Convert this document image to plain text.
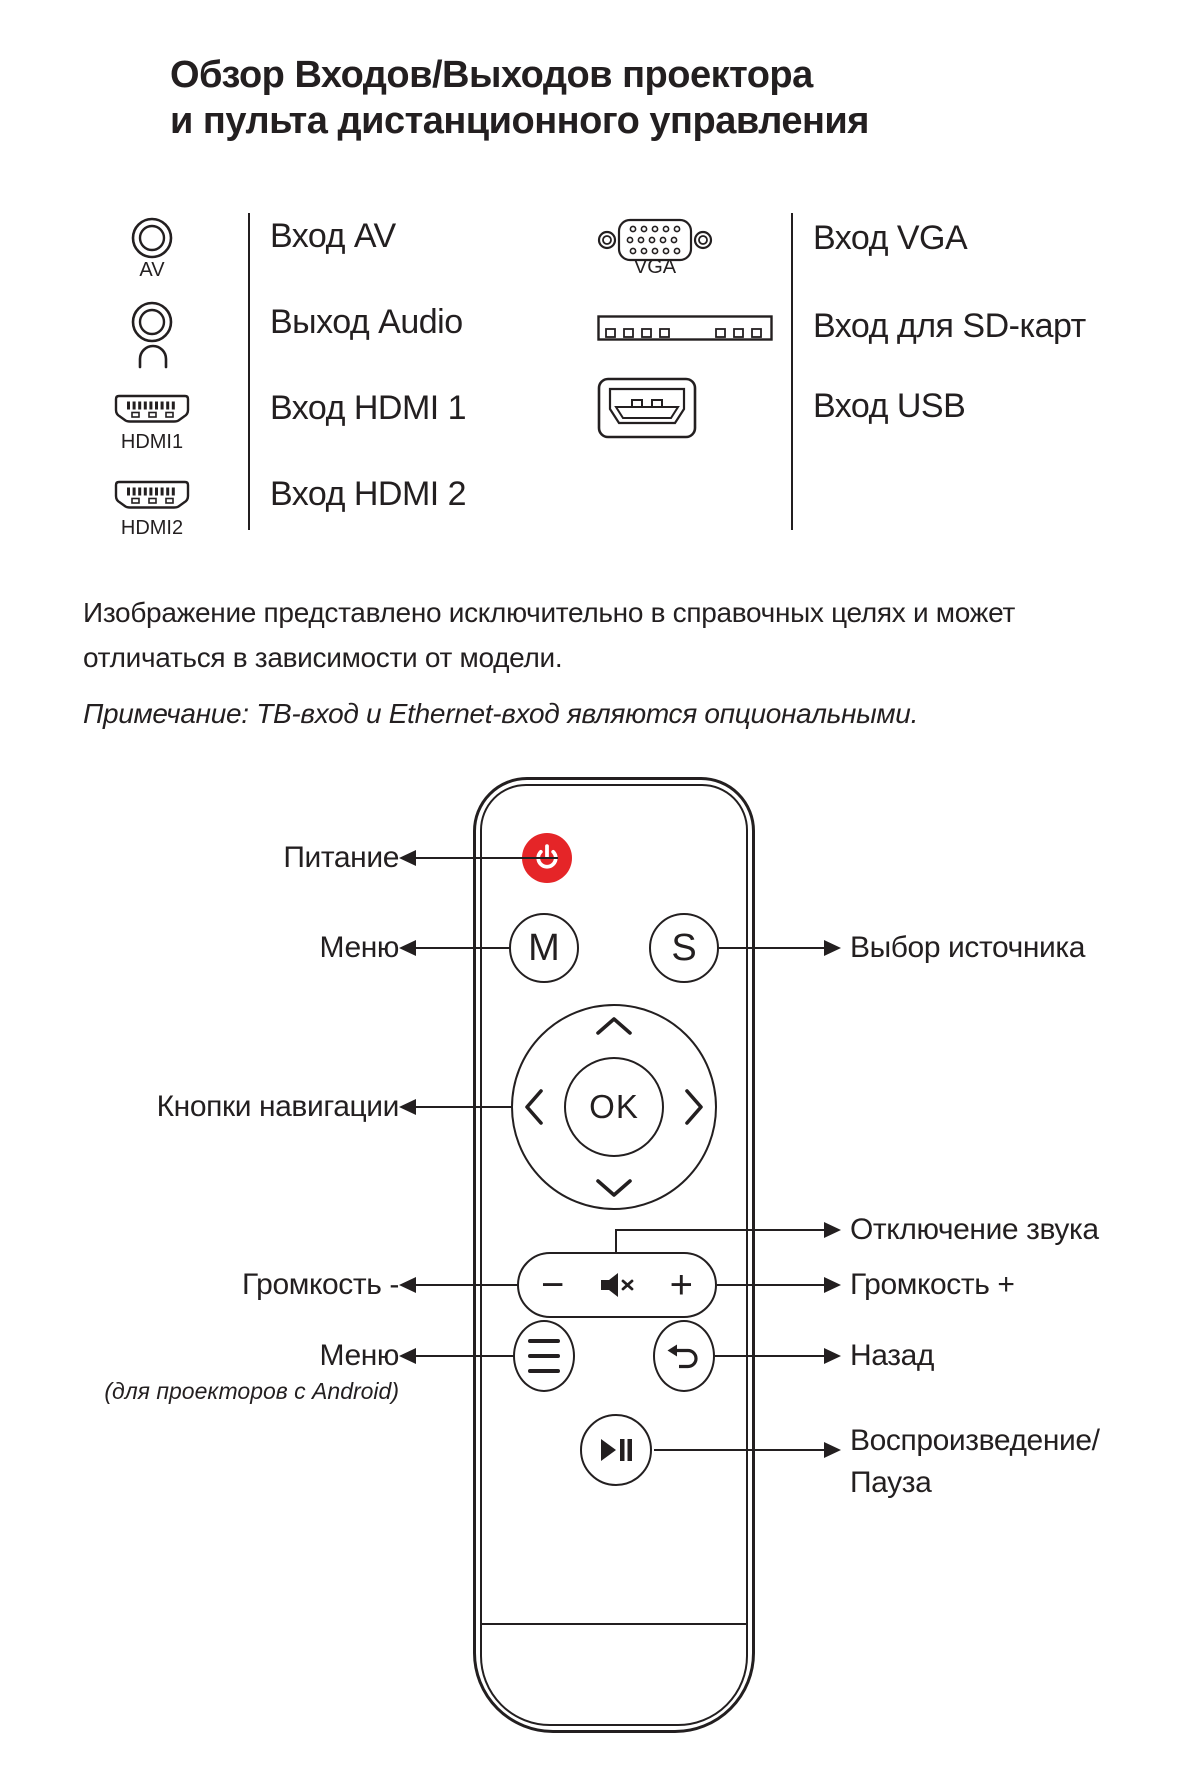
Обзор Входов/Выходов проектора
и пульта дистанционного управления
AV
Вход AV
Выход Audio
HDMI1
Вход HDMI 1
HDMI2
Вход HDMI 2
VGA
Вход VGA
Вход для SD-карт
Вход USB
Изображение представлено исключительно в справочных целях и может
отличаться в зависимости от модели.
Примечание: ТВ-вход и Ethernet-вход являются опциональными.
M	S
OK
−	+
Питание
Меню
Кнопки навигации
Громкость -
Меню
(для проекторов с Android)
Выбор источника
Отключение звука
Громкость +
Назад
Воспроизведение/
Пауза
